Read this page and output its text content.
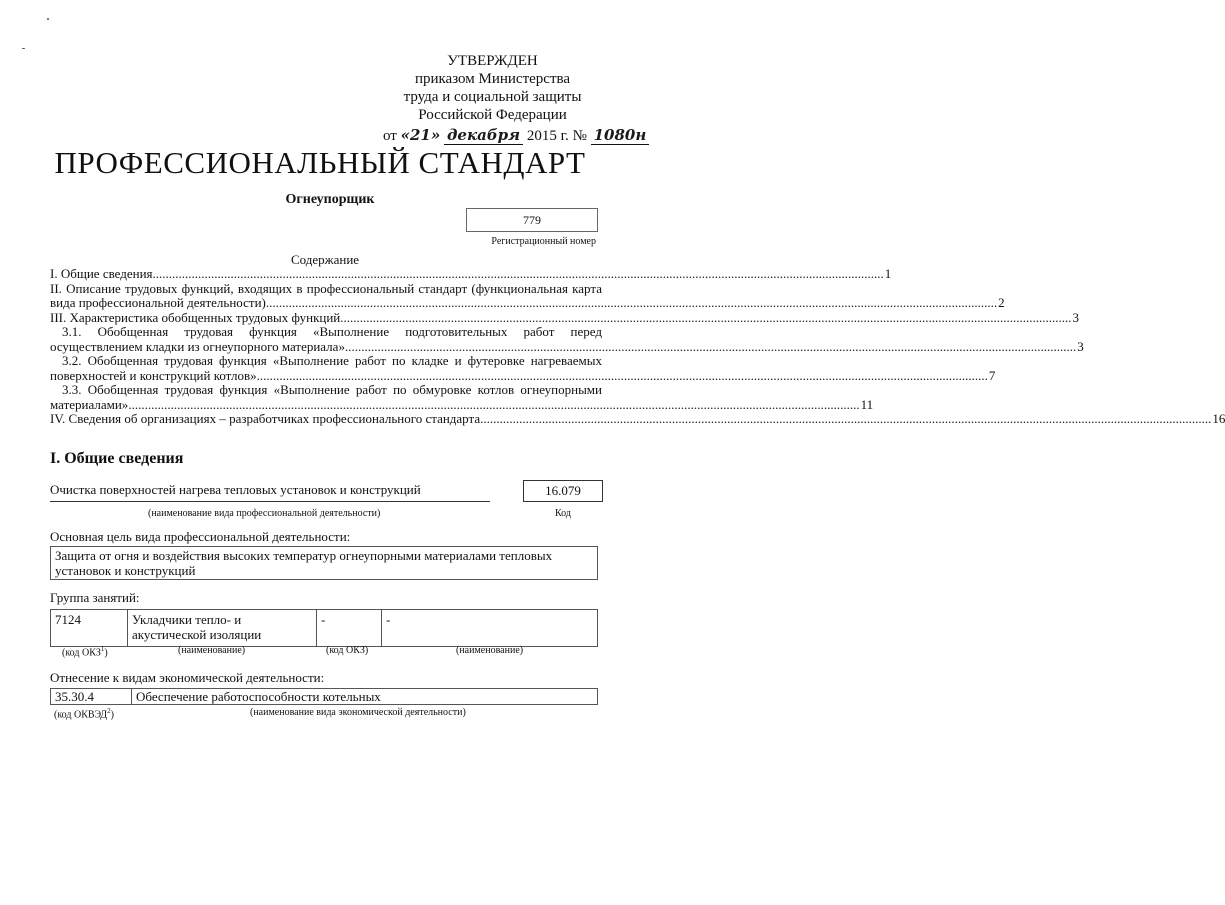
УТВЕРЖДЕН
приказом Министерства
труда и социальной защиты
Российской Федерации
от «21» декабря 2015 г. № 1080н
ПРОФЕССИОНАЛЬНЫЙ СТАНДАРТ
Огнеупорщик
779
Регистрационный номер
Содержание
I. Общие сведения .....	1
II. Описание трудовых функций, входящих в профессиональный стандарт (функциональная карта
вида профессиональной деятельности) .....	2
III. Характеристика обобщенных трудовых функций .....	3
3.1. Обобщенная трудовая функция «Выполнение подготовительных работ перед
осуществлением кладки из огнеупорного материала» .....	3
3.2. Обобщенная трудовая функция «Выполнение работ по кладке и футеровке нагреваемых
поверхностей и конструкций котлов» .....	7
3.3. Обобщенная трудовая функция «Выполнение работ по обмуровке котлов огнеупорными
материалами» .....	11
IV. Сведения об организациях – разработчиках профессионального стандарта .....	16
I. Общие сведения
Очистка поверхностей нагрева тепловых установок и конструкций
(наименование вида профессиональной деятельности)
16.079
Код
Основная цель вида профессиональной деятельности:
Защита от огня и воздействия высоких температур огнеупорными материалами тепловых установок и конструкций
Группа занятий:
7124	Укладчики тепло- и акустической изоляции	-	-
(код ОКЗ$^1$)	(наименование)	(код ОКЗ)	(наименование)
Отнесение к видам экономической деятельности:
35.30.4	Обеспечение работоспособности котельных
(код ОКВЭД$^2$)	(наименование вида экономической деятельности)
